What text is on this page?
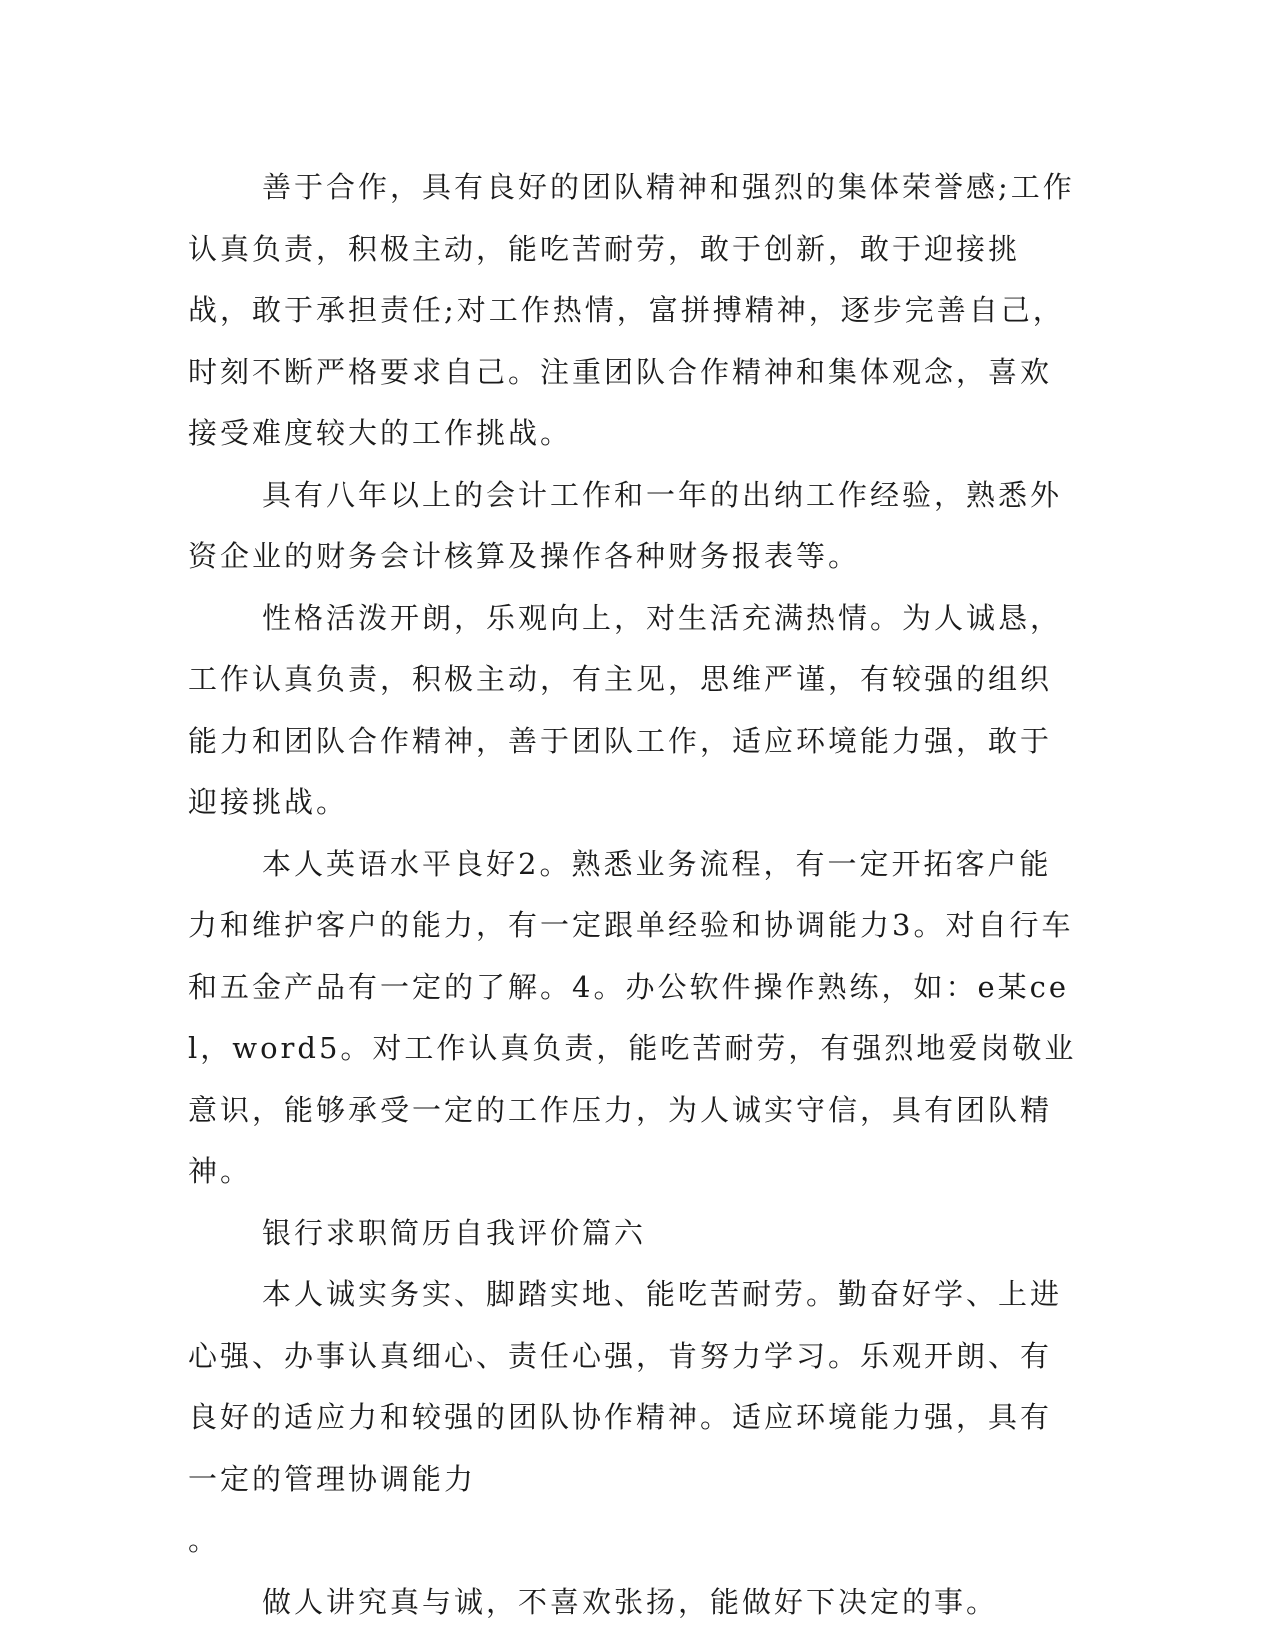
善于合作，具有良好的团队精神和强烈的集体荣誉感;工作认真负责，积极主动，能吃苦耐劳，敢于创新，敢于迎接挑战，敢于承担责任;对工作热情，富拼搏精神，逐步完善自己，时刻不断严格要求自己。注重团队合作精神和集体观念，喜欢接受难度较大的工作挑战。

具有八年以上的会计工作和一年的出纳工作经验，熟悉外资企业的财务会计核算及操作各种财务报表等。

性格活泼开朗，乐观向上，对生活充满热情。为人诚恳，工作认真负责，积极主动，有主见，思维严谨，有较强的组织能力和团队合作精神，善于团队工作，适应环境能力强，敢于迎接挑战。

本人英语水平良好2。熟悉业务流程，有一定开拓客户能力和维护客户的能力，有一定跟单经验和协调能力3。对自行车和五金产品有一定的了解。4。办公软件操作熟练，如：e某cel，word5。对工作认真负责，能吃苦耐劳，有强烈地爱岗敬业意识，能够承受一定的工作压力，为人诚实守信，具有团队精神。

银行求职简历自我评价篇六

本人诚实务实、脚踏实地、能吃苦耐劳。勤奋好学、上进心强、办事认真细心、责任心强，肯努力学习。乐观开朗、有良好的适应力和较强的团队协作精神。适应环境能力强，具有一定的管理协调能力

。

做人讲究真与诚，不喜欢张扬，能做好下决定的事。
